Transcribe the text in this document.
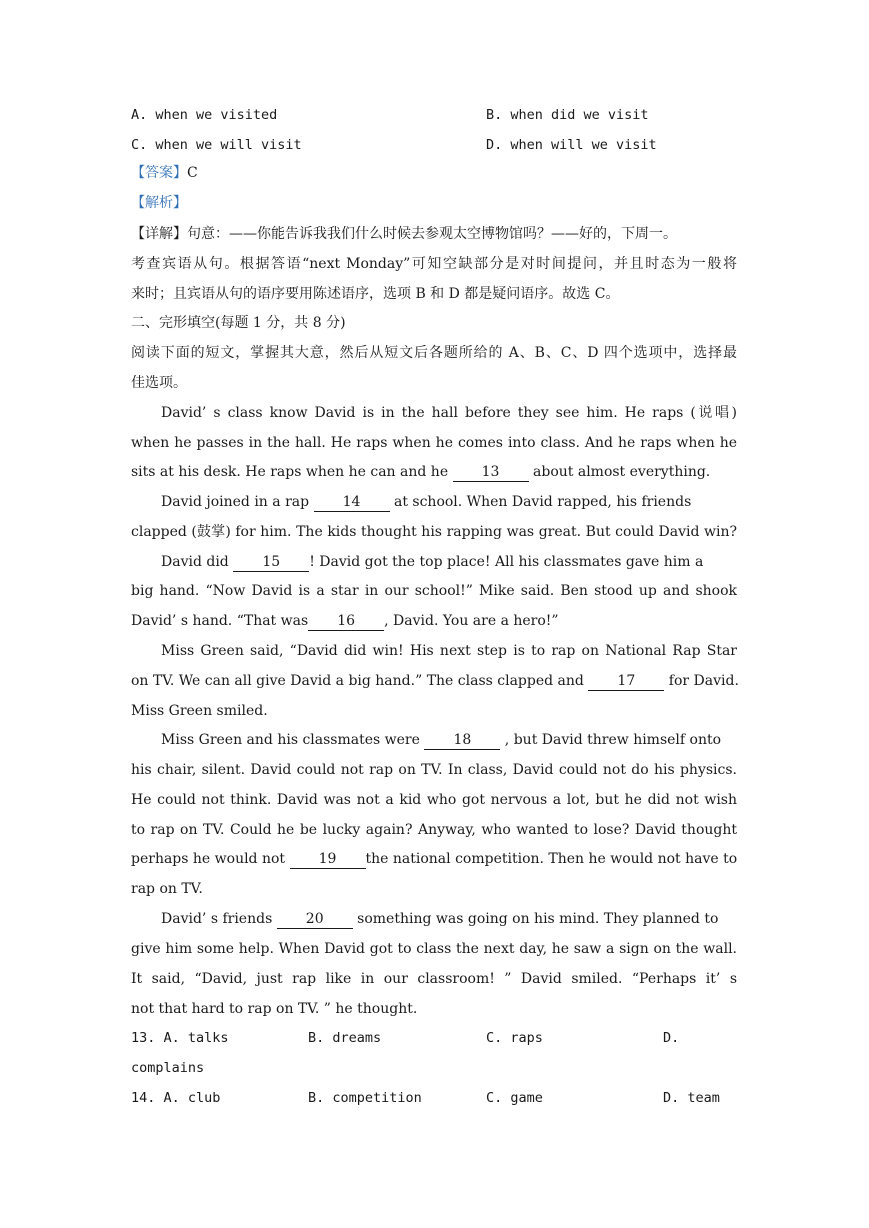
A. when we visited	B. when did we visit
C. when we will visit	D. when will we visit
【答案】C
【解析】
【详解】句意：——你能告诉我我们什么时候去参观太空博物馆吗？——好的，下周一。
考查宾语从句。根据答语“next Monday”可知空缺部分是对时间提问，并且时态为一般将
来时；且宾语从句的语序要用陈述语序，选项 B 和 D 都是疑问语序。故选 C。
二、完形填空(每题 1 分，共 8 分)
阅读下面的短文，掌握其大意，然后从短文后各题所给的 A、B、C、D 四个选项中，选择最
佳选项。
David’ s class know David is in the hall before they see him. He raps (说唱)
when he passes in the hall. He raps when he comes into class. And he raps when he
sits at his desk. He raps when he can and he 13 about almost everything.
David joined in a rap 14 at school. When David rapped, his friends
clapped (鼓掌) for him. The kids thought his rapping was great. But could David win?
David did 15 ! David got the top place! All his classmates gave him a
big hand. “Now David is a star in our school!” Mike said. Ben stood up and shook
David’ s hand. “That was 16 , David. You are a hero!”
Miss Green said, “David did win! His next step is to rap on National Rap Star
on TV. We can all give David a big hand.” The class clapped and 17 for David.
Miss Green smiled.
Miss Green and his classmates were 18 , but David threw himself onto
his chair, silent. David could not rap on TV. In class, David could not do his physics.
He could not think. David was not a kid who got nervous a lot, but he did not wish
to rap on TV. Could he be lucky again? Anyway, who wanted to lose? David thought
perhaps he would not 19 the national competition. Then he would not have to
rap on TV.
David’ s friends 20 something was going on his mind. They planned to
give him some help. When David got to class the next day, he saw a sign on the wall.
It said, “David, just rap like in our classroom! ” David smiled. “Perhaps it’ s
not that hard to rap on TV. ” he thought.
13. A. talks	B. dreams	C. raps	D.
complains
14. A. club	B. competition	C. game	D. team
